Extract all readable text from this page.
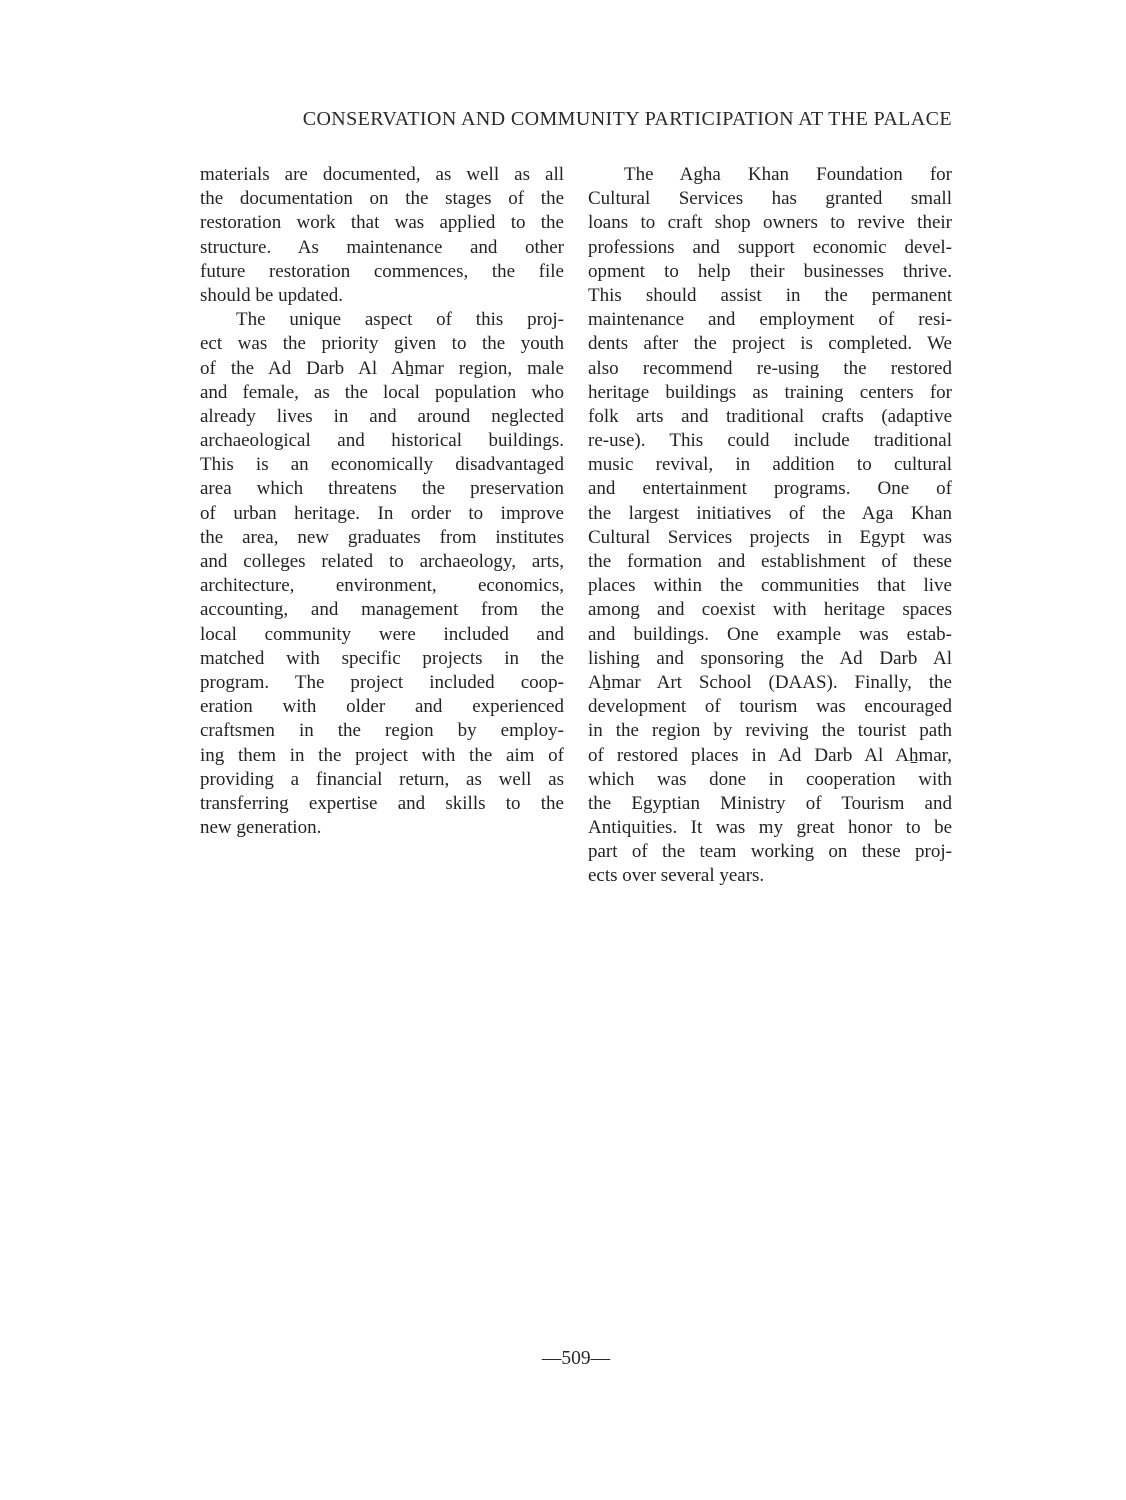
CONSERVATION AND COMMUNITY PARTICIPATION AT THE PALACE
materials are documented, as well as all
the documentation on the stages of the
restoration work that was applied to the
structure. As maintenance and other
future restoration commences, the file
should be updated.
The unique aspect of this proj-
ect was the priority given to the youth
of the Ad Darb Al Aẖmar region, male
and female, as the local population who
already lives in and around neglected
archaeological and historical buildings.
This is an economically disadvantaged
area which threatens the preservation
of urban heritage. In order to improve
the area, new graduates from institutes
and colleges related to archaeology, arts,
architecture, environment, economics,
accounting, and management from the
local community were included and
matched with specific projects in the
program. The project included coop-
eration with older and experienced
craftsmen in the region by employ-
ing them in the project with the aim of
providing a financial return, as well as
transferring expertise and skills to the
new generation.
The Agha Khan Foundation for
Cultural Services has granted small
loans to craft shop owners to revive their
professions and support economic devel-
opment to help their businesses thrive.
This should assist in the permanent
maintenance and employment of resi-
dents after the project is completed. We
also recommend re-using the restored
heritage buildings as training centers for
folk arts and traditional crafts (adaptive
re-use). This could include traditional
music revival, in addition to cultural
and entertainment programs. One of
the largest initiatives of the Aga Khan
Cultural Services projects in Egypt was
the formation and establishment of these
places within the communities that live
among and coexist with heritage spaces
and buildings. One example was estab-
lishing and sponsoring the Ad Darb Al
Aẖmar Art School (DAAS). Finally, the
development of tourism was encouraged
in the region by reviving the tourist path
of restored places in Ad Darb Al Aẖmar,
which was done in cooperation with
the Egyptian Ministry of Tourism and
Antiquities. It was my great honor to be
part of the team working on these proj-
ects over several years.
—509—
